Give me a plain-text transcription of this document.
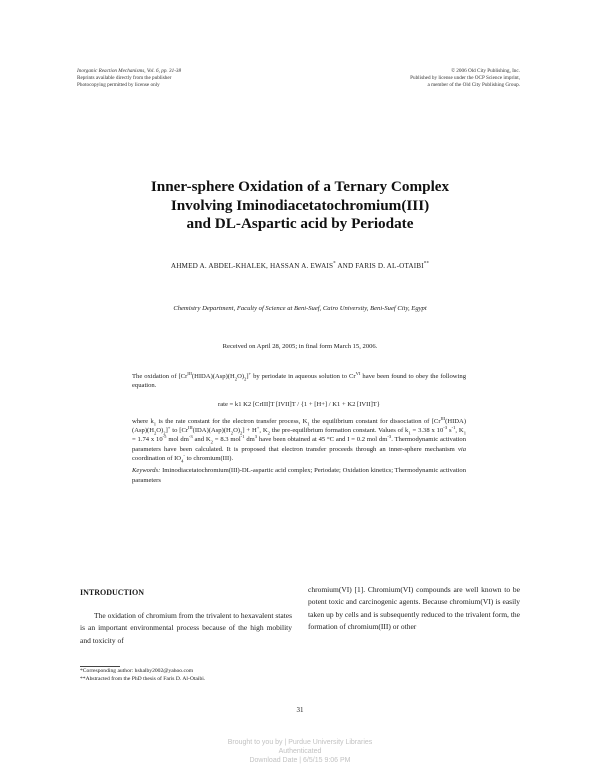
Inorganic Reaction Mechanisms, Vol. 6, pp. 31-38
Reprints available directly from the publisher
Photocopying permitted by license only
© 2006 Old City Publishing, Inc.
Published by license under the OCP Science imprint,
a member of the Old City Publishing Group.
Inner-sphere Oxidation of a Ternary Complex
Involving Iminodiacetatochromium(III)
and DL-Aspartic acid by Periodate
AHMED A. ABDEL-KHALEK, HASSAN A. EWAIS* AND FARIS D. AL-OTAIBI**
Chemistry Department, Faculty of Science at Beni-Suef, Cairo University, Beni-Suef City, Egypt
Received on April 28, 2005; in final form March 15, 2006.

The oxidation of $[Cr^{III}(HIDA)(Asp)(H_2O)_2]^+$ by periodate in aqueous solution to $Cr^{VI}$ have been found to obey the following equation.

rate = k1 K2 [CrIII]T [IVII]T / {1 + [H+] / K1 + K2 [IVII]T}

where $k_1$ is the rate constant for the electron transfer process, $K_1$ the equilibrium constant for dissociation of $[Cr^{III}(HIDA)(Asp)(H_2O)_2]^+$ to $[Cr^{III}(IDA)(Asp)(H_2O)_2] + H^+$, $K_2$ the pre-equilibrium formation constant. Values of $k_1 = 3.38$ x $10^{-3}$ $s^{-1}$, $K_1 = 1.74$ x $10^{-5}$ mol $dm^{-3}$ and $K_2 = 8.3$ mol$^{-1}$ $dm^3$ have been obtained at 45 °C and I = 0.2 mol $dm^{-3}$. Thermodynamic activation parameters have been calculated. It is proposed that electron transfer proceeds through an inner-sphere mechanism via coordination of $IO_4^-$ to chromium(III).

Keywords: Iminodiacetatochromium(III)-DL-aspartic acid complex; Periodate; Oxidation kinetics; Thermodynamic activation parameters

INTRODUCTION
The oxidation of chromium from the trivalent to hexavalent states is an important environmental process because of the high mobility and toxicity of
chromium(VI) [1]. Chromium(VI) compounds are well known to be potent toxic and carcinogenic agents. Because chromium(VI) is easily taken up by cells and is subsequently reduced to the trivalent form, the formation of chromium(III) or other
*Corresponding author: hshalby2002@yahoo.com
**Abstracted from the PhD thesis of Faris D. Al-Otaibi.
31
Brought to you by | Purdue University Libraries
Authenticated
Download Date | 6/5/15 9:06 PM
